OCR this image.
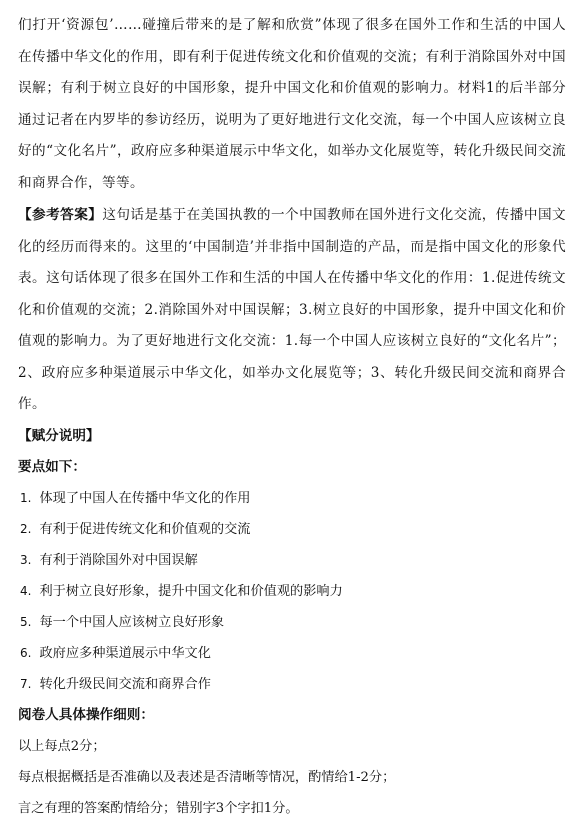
们打开‘资源包’……碰撞后带来的是了解和欣赏”体现了很多在国外工作和生活的中国人在传播中华文化的作用，即有利于促进传统文化和价值观的交流；有利于消除国外对中国误解；有利于树立良好的中国形象，提升中国文化和价值观的影响力。材料1的后半部分通过记者在内罗毕的参访经历，说明为了更好地进行文化交流，每一个中国人应该树立良好的“文化名片”，政府应多种渠道展示中华文化，如举办文化展览等，转化升级民间交流和商界合作，等等。

【参考答案】这句话是基于在美国执教的一个中国教师在国外进行文化交流，传播中国文化的经历而得来的。这里的‘中国制造’并非指中国制造的产品，而是指中国文化的形象代表。这句话体现了很多在国外工作和生活的中国人在传播中华文化的作用：1.促进传统文化和价值观的交流；2.消除国外对中国误解；3.树立良好的中国形象，提升中国文化和价值观的影响力。为了更好地进行文化交流：1.每一个中国人应该树立良好的“文化名片”；2、政府应多种渠道展示中华文化，如举办文化展览等；3、转化升级民间交流和商界合作。

【赋分说明】

要点如下：

1. 体现了中国人在传播中华文化的作用
2. 有利于促进传统文化和价值观的交流
3. 有利于消除国外对中国误解
4. 利于树立良好形象，提升中国文化和价值观的影响力
5. 每一个中国人应该树立良好形象
6. 政府应多种渠道展示中华文化
7. 转化升级民间交流和商界合作

阅卷人具体操作细则：

以上每点2分；

每点根据概括是否准确以及表述是否清晰等情况，酌情给1-2分；

言之有理的答案酌情给分；错别字3个字扣1分。
